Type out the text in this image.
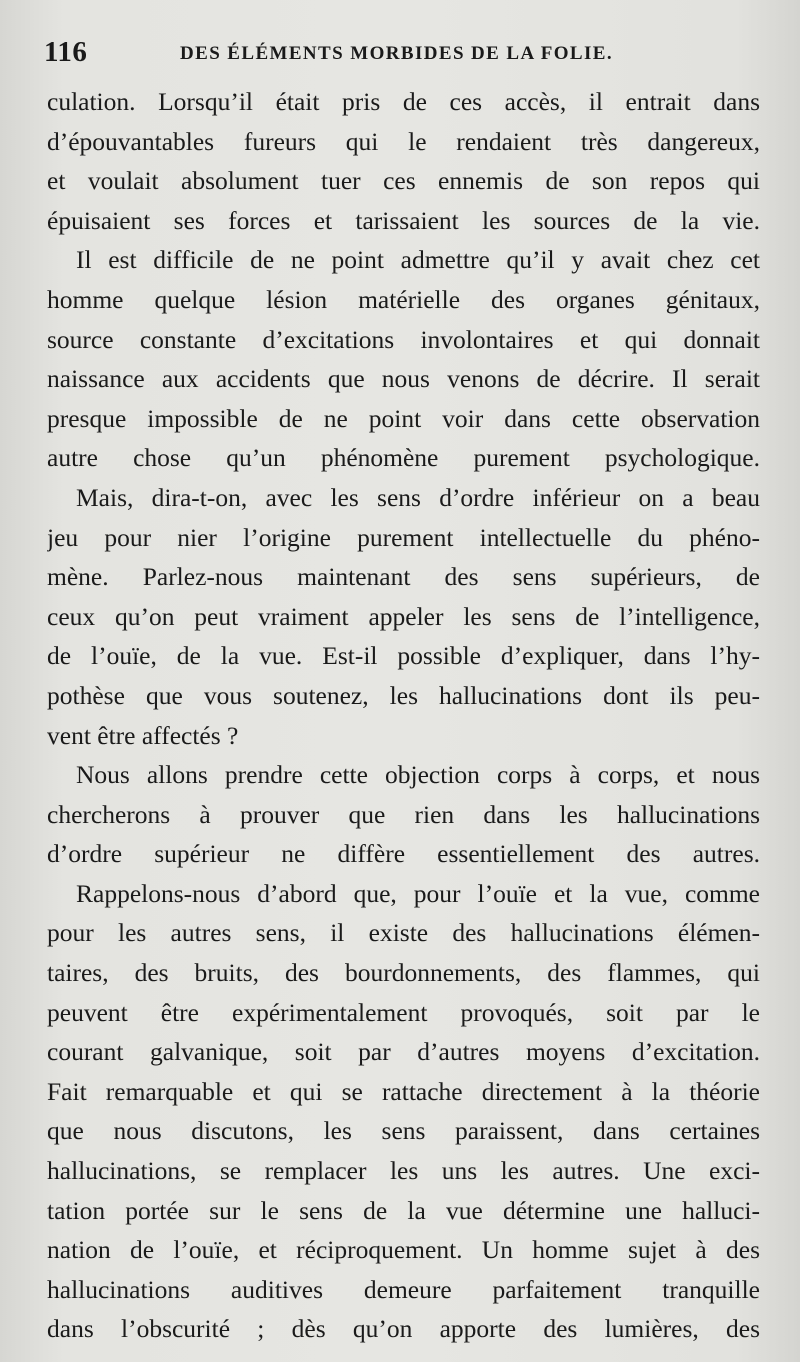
116	DES ÉLÉMENTS MORBIDES DE LA FOLIE.
culation. Lorsqu’il était pris de ces accès, il entrait dans
d’épouvantables fureurs qui le rendaient très dangereux,
et voulait absolument tuer ces ennemis de son repos qui
épuisaient ses forces et tarissaient les sources de la vie.
Il est difficile de ne point admettre qu’il y avait chez cet
homme quelque lésion matérielle des organes génitaux,
source constante d’excitations involontaires et qui donnait
naissance aux accidents que nous venons de décrire. Il serait
presque impossible de ne point voir dans cette observation
autre chose qu’un phénomène purement psychologique.
Mais, dira-t-on, avec les sens d’ordre inférieur on a beau
jeu pour nier l’origine purement intellectuelle du phéno-
mène. Parlez-nous maintenant des sens supérieurs, de
ceux qu’on peut vraiment appeler les sens de l’intelligence,
de l’ouïe, de la vue. Est-il possible d’expliquer, dans l’hy-
pothèse que vous soutenez, les hallucinations dont ils peu-
vent être affectés ?
Nous allons prendre cette objection corps à corps, et nous
chercherons à prouver que rien dans les hallucinations
d’ordre supérieur ne diffère essentiellement des autres.
Rappelons-nous d’abord que, pour l’ouïe et la vue, comme
pour les autres sens, il existe des hallucinations élémen-
taires, des bruits, des bourdonnements, des flammes, qui
peuvent être expérimentalement provoqués, soit par le
courant galvanique, soit par d’autres moyens d’excitation.
Fait remarquable et qui se rattache directement à la théorie
que nous discutons, les sens paraissent, dans certaines
hallucinations, se remplacer les uns les autres. Une exci-
tation portée sur le sens de la vue détermine une halluci-
nation de l’ouïe, et réciproquement. Un homme sujet à des
hallucinations auditives demeure parfaitement tranquille
dans l’obscurité ; dès qu’on apporte des lumières, des
